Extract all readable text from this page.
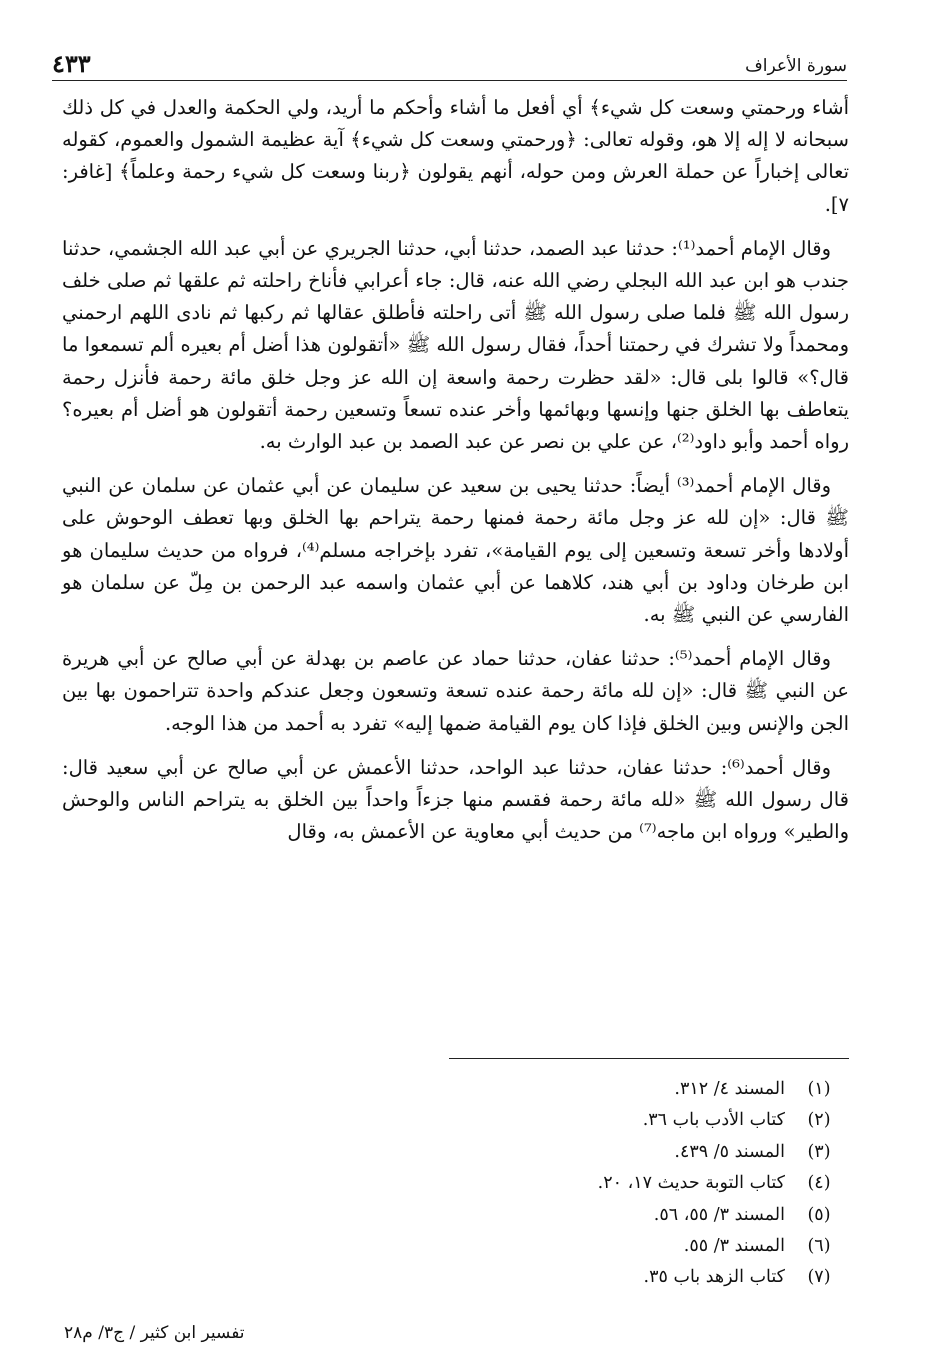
سورة الأعراف
٤٣٣

أشاء ورحمتي وسعت كل شيء﴾ أي أفعل ما أشاء وأحكم ما أريد، ولي الحكمة والعدل في كل ذلك سبحانه لا إله إلا هو، وقوله تعالى: ﴿ورحمتي وسعت كل شيء﴾ آية عظيمة الشمول والعموم، كقوله تعالى إخباراً عن حملة العرش ومن حوله، أنهم يقولون ﴿ربنا وسعت كل شيء رحمة وعلماً﴾ [غافر: ٧].

وقال الإمام أحمد⁽¹⁾: حدثنا عبد الصمد، حدثنا أبي، حدثنا الجريري عن أبي عبد الله الجشمي، حدثنا جندب هو ابن عبد الله البجلي رضي الله عنه، قال: جاء أعرابي فأناخ راحلته ثم علقها ثم صلى خلف رسول الله ﷺ فلما صلى رسول الله ﷺ أتى راحلته فأطلق عقالها ثم ركبها ثم نادى اللهم ارحمني ومحمداً ولا تشرك في رحمتنا أحداً، فقال رسول الله ﷺ «أتقولون هذا أضل أم بعيره ألم تسمعوا ما قال؟» قالوا بلى قال: «لقد حظرت رحمة واسعة إن الله عز وجل خلق مائة رحمة فأنزل رحمة يتعاطف بها الخلق جنها وإنسها وبهائمها وأخر عنده تسعاً وتسعين رحمة أتقولون هو أضل أم بعيره؟ رواه أحمد وأبو داود⁽²⁾، عن علي بن نصر عن عبد الصمد بن عبد الوارث به.

وقال الإمام أحمد⁽³⁾ أيضاً: حدثنا يحيى بن سعيد عن سليمان عن أبي عثمان عن سلمان عن النبي ﷺ قال: «إن لله عز وجل مائة رحمة فمنها رحمة يتراحم بها الخلق وبها تعطف الوحوش على أولادها وأخر تسعة وتسعين إلى يوم القيامة»، تفرد بإخراجه مسلم⁽⁴⁾، فرواه من حديث سليمان هو ابن طرخان وداود بن أبي هند، كلاهما عن أبي عثمان واسمه عبد الرحمن بن مِلّ عن سلمان هو الفارسي عن النبي ﷺ به.

وقال الإمام أحمد⁽⁵⁾: حدثنا عفان، حدثنا حماد عن عاصم بن بهدلة عن أبي صالح عن أبي هريرة عن النبي ﷺ قال: «إن لله مائة رحمة عنده تسعة وتسعون وجعل عندكم واحدة تتراحمون بها بين الجن والإنس وبين الخلق فإذا كان يوم القيامة ضمها إليه» تفرد به أحمد من هذا الوجه.

وقال أحمد⁽⁶⁾: حدثنا عفان، حدثنا عبد الواحد، حدثنا الأعمش عن أبي صالح عن أبي سعيد قال: قال رسول الله ﷺ «لله مائة رحمة فقسم منها جزءاً واحداً بين الخلق به يتراحم الناس والوحش والطير» ورواه ابن ماجه⁽⁷⁾ من حديث أبي معاوية عن الأعمش به، وقال

(١)
المسند ٤/ ٣١٢.
(٢)
كتاب الأدب باب ٣٦.
(٣)
المسند ٥/ ٤٣٩.
(٤)
كتاب التوبة حديث ١٧، ٢٠.
(٥)
المسند ٣/ ٥٥، ٥٦.
(٦)
المسند ٣/ ٥٥.
(٧)
كتاب الزهد باب ٣٥.
تفسير ابن كثير / ج٣/ م٢٨
